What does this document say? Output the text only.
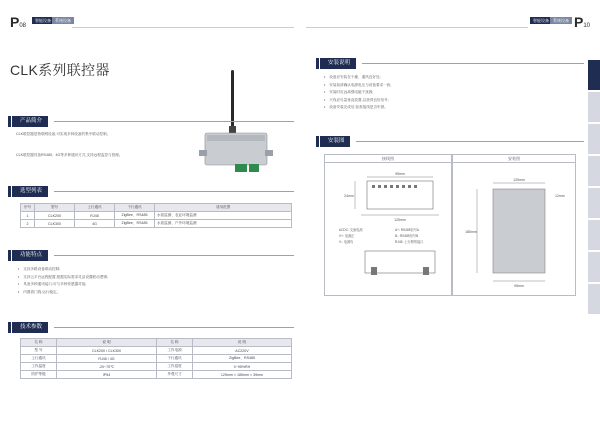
P08
智能设备	系统设备
CLK系列联控器
产品简介
CLK联控器是物联网设备,可实现多种设备的集中联动控制。
CLK联控器具备RS485、4G等多种通讯方式,支持远程监控与管理。
选型列表
序号	型号	上行通讯	下行通讯	适用范围
1	CLK200	RJ45	ZigBee、RS485	水质监测、农业环境监测
2	CLK300	4G	ZigBee、RS485	水质监测、户外环境监测
功能特点
• 支持多路设备联动控制;
• 支持云平台远程配置,根据实际需求灵活设置联动逻辑;
• 具备多种通讯接口,可与多种传感器对接;
• 内置看门狗,运行稳定。
技术参数
名 称	说 明	名 称	说 明
型 号	CLK200 / CLK300	工作电源	AC220V
上行通讯	RJ45 / 4G	下行通讯	ZigBee、RS485
工作温度	-20~70℃	工作湿度	0~95%RH
防护等级	IP54	外观尺寸	125mm × 185mm × 39mm
智能设备	系统设备 P10
安装说明
• 设备应安装在干燥、通风良好处;
• 安装前请确认电源电压与设备要求一致;
• 安装时应远离强电磁干扰源;
• 天线应尽量垂直放置,以获得良好信号;
• 设备安装完成后,检查接线是否牢固。
安装图
接线图
95mm
24mm
125mm
ACDC: 交流电源
V+: 电源正
V-: 电源负
A+: RS485信号A
B-: RS485信号B
RJ45: 上行网络接口
安装图
125mm
185mm
95mm
12mm
